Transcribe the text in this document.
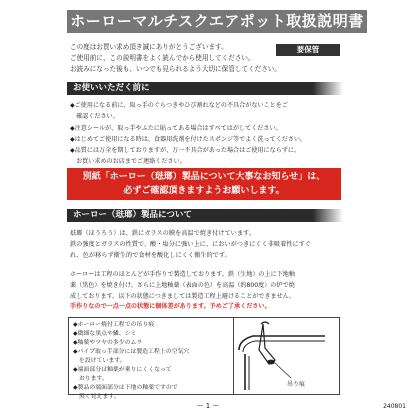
ホーローマルチスクエアポット取扱説明書

この度はお買い求め頂き誠にありがとうございます。

ご使用前に、この説明書をよく読んでから使用してください。

お読みになった後も、いつでも見られるよう大切に保管してください。

要保管
お使いいただく前に

◆ご使用になる前に、取っ手のぐらつきやひび割れなどの不具合がないことをご

　確認ください。

◆注意シールが、取っ手やふたに貼ってある場合はすべてはがしてください。

◆はじめてご使用になる時は、食器用洗剤を付けたスポンジ等でよく洗ってください。

◆品質には万全を期しておりますが、万一不具合があった場合はご使用にならずに、

　お買い求めのお店までご連絡ください。

別紙「ホーロー（琺瑯）製品について大事なお知らせ」は、
必ずご確認頂きますようお願いします。
ホーロー（琺瑯）製品について

琺瑯（ほうろう）は、鉄にガラスの膜を高温で焼き付けています。

鉄の強度とガラスの性質で、酸・塩分に強い上に、においがつきにくく非吸着性にすぐ

れ、色が移らず衛生的で食材を酸化しにくく衛生的です。

ホーローは工程のほとんどが手作りで製造しております。鉄（生地）の上に下地釉

薬（黒色）を焼き付け、さらに上地釉薬（表面の色）を高温（約800度）の炉で焼

成しております。以下の状態につきましては製造工程上避けることができません。

手作りなので一点一点の状態に個体差があります。予めご了承ください。

◆ホーロー焼付工程での吊り痕

◆微細な黒点や鱗、シミ

◆釉薬やツヤの多少のムラ

◆パイプ取っ手部分には製造工程上の空気穴

　を設けています。

◆端面部分は釉薬が乗りにくくなって

　おります。

◆製品の端面部分は下地の釉薬ですので

　黒く見えます。

吊り痕
ー 1 ー	240801
